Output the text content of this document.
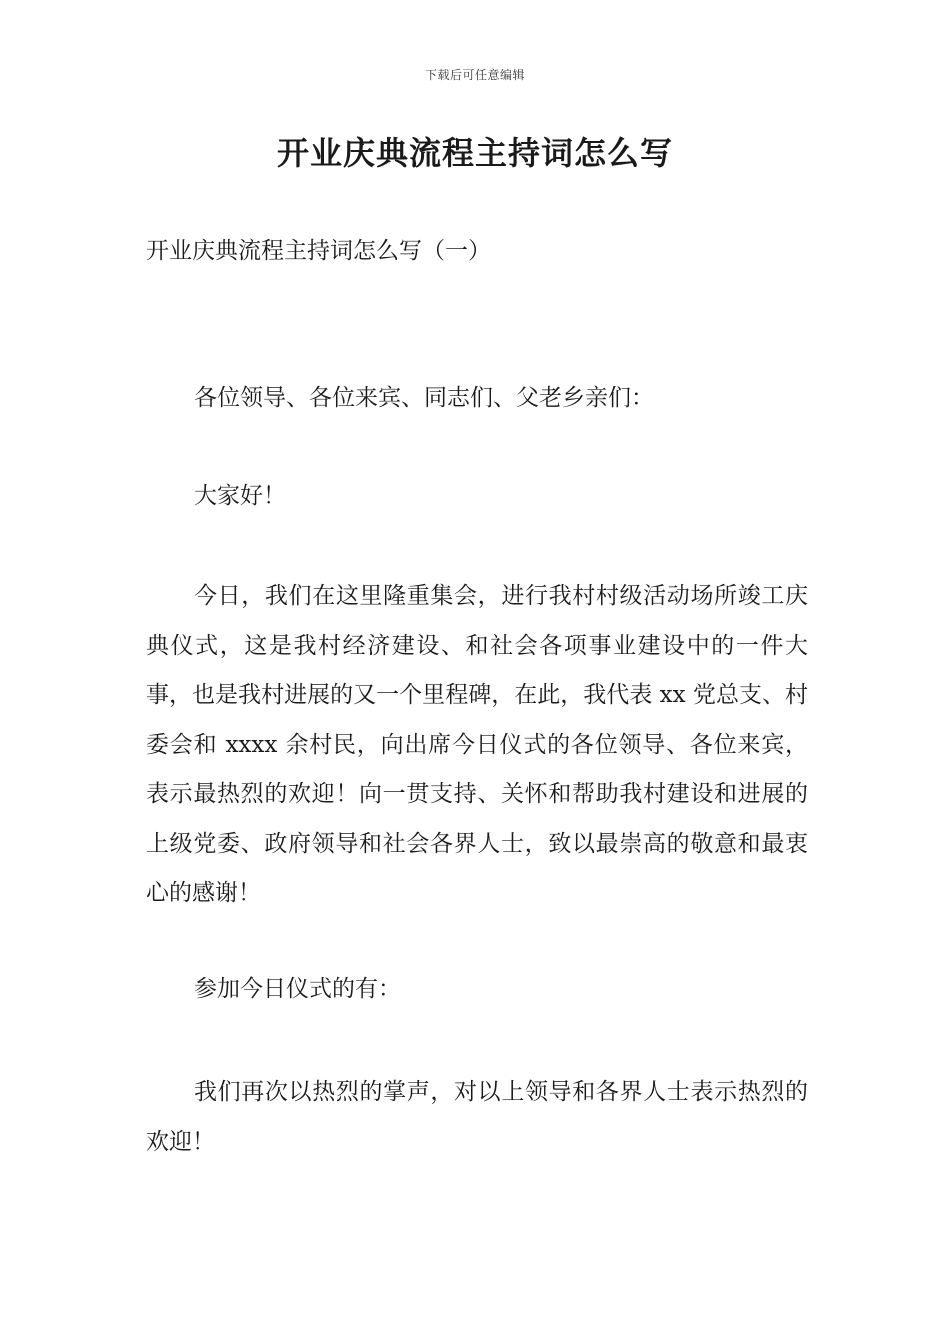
下载后可任意编辑
开业庆典流程主持词怎么写
开业庆典流程主持词怎么写（一）

各位领导、各位来宾、同志们、父老乡亲们：

大家好！

今日，我们在这里隆重集会，进行我村村级活动场所竣工庆典仪式，这是我村经济建设、和社会各项事业建设中的一件大事，也是我村进展的又一个里程碑，在此，我代表 xx 党总支、村委会和 xxxx 余村民，向出席今日仪式的各位领导、各位来宾，表示最热烈的欢迎！向一贯支持、关怀和帮助我村建设和进展的上级党委、政府领导和社会各界人士，致以最崇高的敬意和最衷心的感谢！

参加今日仪式的有：

我们再次以热烈的掌声，对以上领导和各界人士表示热烈的欢迎！
